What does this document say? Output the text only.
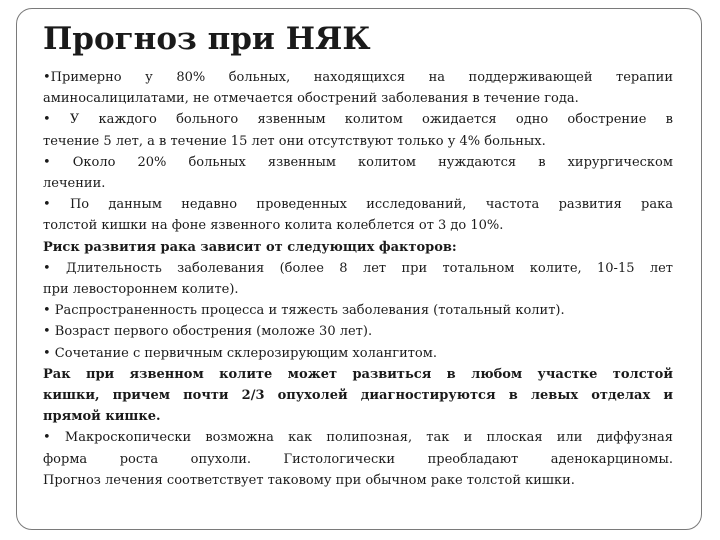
Прогноз при НЯК

•Примерно у 80% больных, находящихся на поддерживающей терапии

аминосалицилатами, не отмечается обострений заболевания в течение года.

• У каждого больного язвенным колитом ожидается одно обострение в

течение 5 лет, а в течение 15 лет они отсутствуют только у 4% больных.

• Около 20% больных язвенным колитом нуждаются в хирургическом

лечении.

• По данным недавно проведенных исследований, частота развития рака

толстой кишки на фоне язвенного колита колеблется от 3 до 10%.

Риск развития рака зависит от следующих факторов:

• Длительность заболевания (более 8 лет при тотальном колите, 10-15 лет

при левостороннем колите).

• Распространенность процесса и тяжесть заболевания (тотальный колит).

• Возраст первого обострения (моложе 30 лет).

• Сочетание с первичным склерозирующим холангитом.

Рак при язвенном колите может развиться в любом участке толстой

кишки, причем почти 2/3 опухолей диагностируются в левых отделах и

прямой кишке.

• Макроскопически возможна как полипозная, так и плоская или диффузная

форма роста опухоли. Гистологически преобладают аденокарциномы.

Прогноз лечения соответствует таковому при обычном раке толстой кишки.
